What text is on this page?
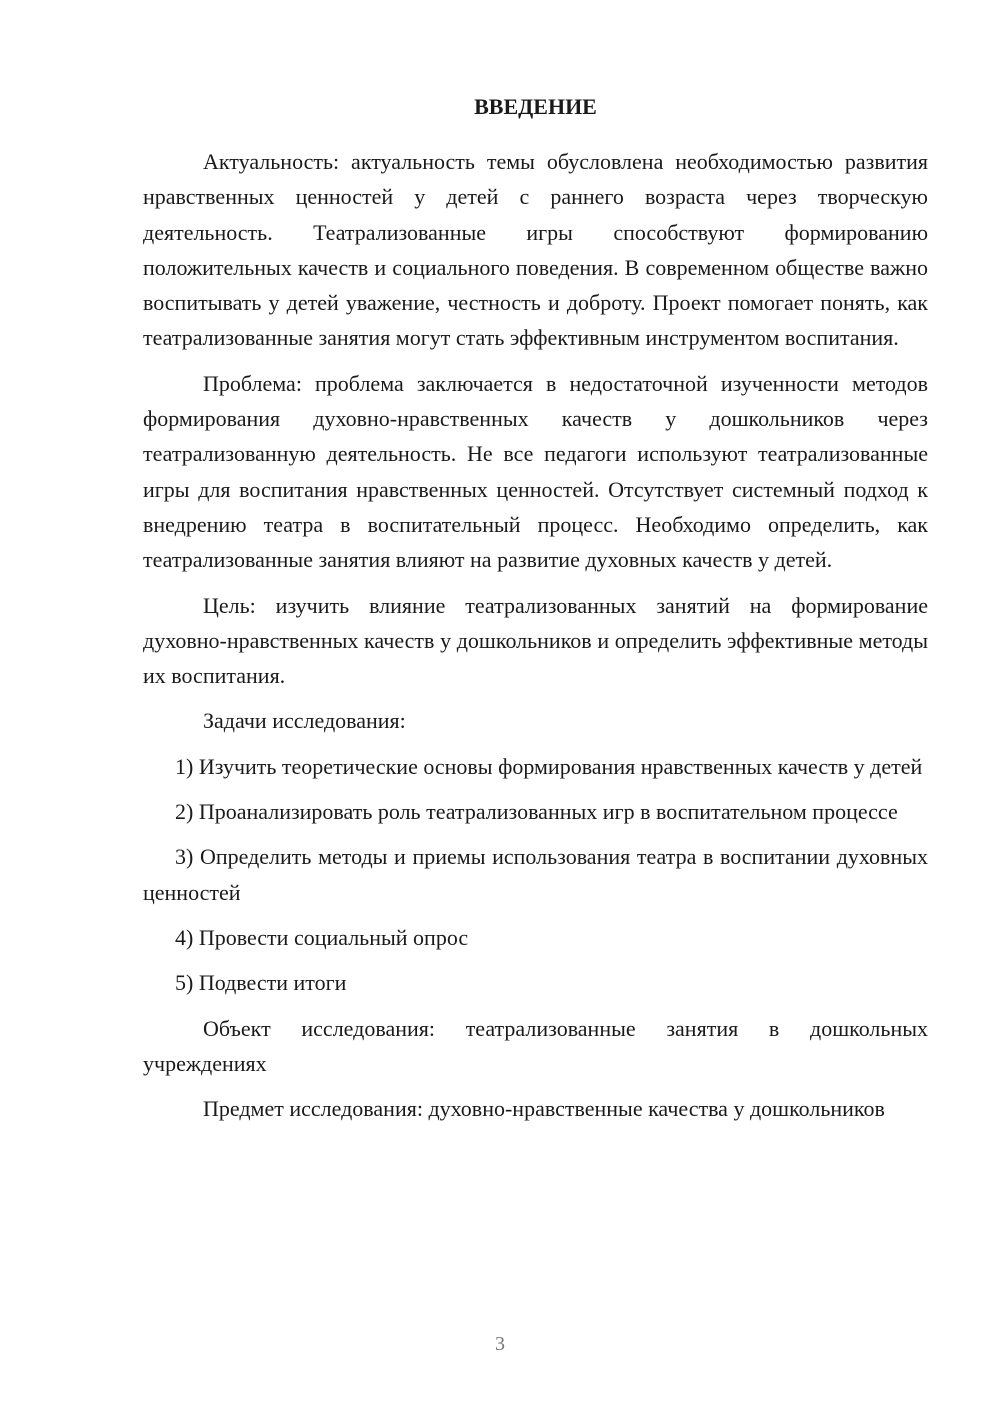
ВВЕДЕНИЕ

Актуальность: актуальность темы обусловлена необходимостью развития нравственных ценностей у детей с раннего возраста через творческую деятельность. Театрализованные игры способствуют формированию положительных качеств и социального поведения. В современном обществе важно воспитывать у детей уважение, честность и доброту. Проект помогает понять, как театрализованные занятия могут стать эффективным инструментом воспитания.

Проблема: проблема заключается в недостаточной изученности методов формирования духовно-нравственных качеств у дошкольников через театрализованную деятельность. Не все педагоги используют театрализованные игры для воспитания нравственных ценностей. Отсутствует системный подход к внедрению театра в воспитательный процесс. Необходимо определить, как театрализованные занятия влияют на развитие духовных качеств у детей.

Цель: изучить влияние театрализованных занятий на формирование духовно-нравственных качеств у дошкольников и определить эффективные методы их воспитания.

Задачи исследования:

1) Изучить теоретические основы формирования нравственных качеств у детей

2) Проанализировать роль театрализованных игр в воспитательном процессе

3) Определить методы и приемы использования театра в воспитании духовных ценностей

4) Провести социальный опрос

5) Подвести итоги

Объект исследования: театрализованные занятия в дошкольных учреждениях

Предмет исследования: духовно-нравственные качества у дошкольников

3
